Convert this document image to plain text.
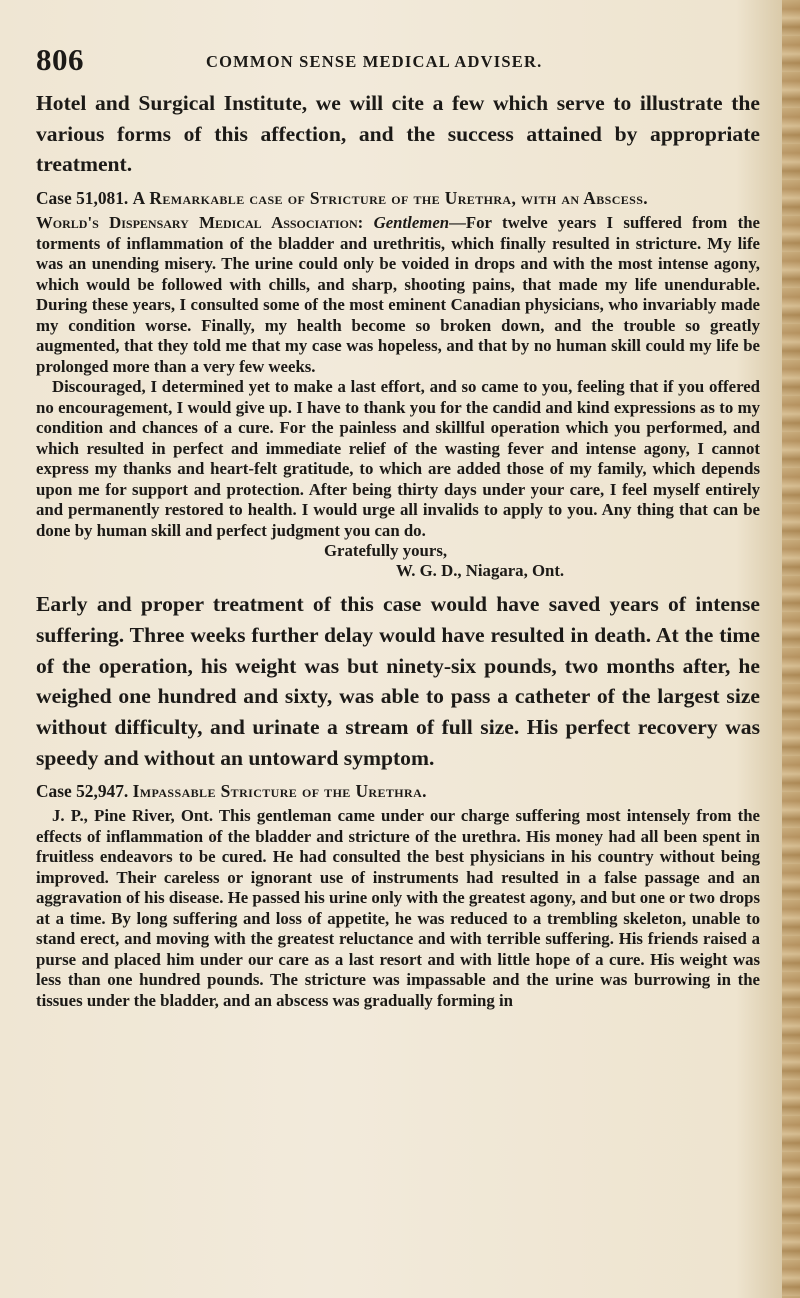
806	COMMON SENSE MEDICAL ADVISER.

Hotel and Surgical Institute, we will cite a few which serve to illustrate the various forms of this affection, and the success attained by appropriate treatment.

Case 51,081. A Remarkable case of Stricture of the Urethra, with an Abscess.

World's Dispensary Medical Association: Gentlemen—For twelve years I suffered from the torments of inflammation of the bladder and urethritis, which finally resulted in stricture. My life was an unending misery. The urine could only be voided in drops and with the most intense agony, which would be followed with chills, and sharp, shooting pains, that made my life unendurable. During these years, I consulted some of the most eminent Canadian physicians, who invariably made my condition worse. Finally, my health become so broken down, and the trouble so greatly augmented, that they told me that my case was hopeless, and that by no human skill could my life be prolonged more than a very few weeks.

Discouraged, I determined yet to make a last effort, and so came to you, feeling that if you offered no encouragement, I would give up. I have to thank you for the candid and kind expressions as to my condition and chances of a cure. For the painless and skillful operation which you performed, and which resulted in perfect and immediate relief of the wasting fever and intense agony, I cannot express my thanks and heart-felt gratitude, to which are added those of my family, which depends upon me for support and protection. After being thirty days under your care, I feel myself entirely and permanently restored to health. I would urge all invalids to apply to you. Any thing that can be done by human skill and perfect judgment you can do.

Gratefully yours,

W. G. D., Niagara, Ont.

Early and proper treatment of this case would have saved years of intense suffering. Three weeks further delay would have resulted in death. At the time of the operation, his weight was but ninety-six pounds, two months after, he weighed one hundred and sixty, was able to pass a catheter of the largest size without difficulty, and urinate a stream of full size. His perfect recovery was speedy and without an untoward symptom.

Case 52,947. Impassable Stricture of the Urethra.

J. P., Pine River, Ont. This gentleman came under our charge suffering most intensely from the effects of inflammation of the bladder and stricture of the urethra. His money had all been spent in fruitless endeavors to be cured. He had consulted the best physicians in his country without being improved. Their careless or ignorant use of instruments had resulted in a false passage and an aggravation of his disease. He passed his urine only with the greatest agony, and but one or two drops at a time. By long suffering and loss of appetite, he was reduced to a trembling skeleton, unable to stand erect, and moving with the greatest reluctance and with terrible suffering. His friends raised a purse and placed him under our care as a last resort and with little hope of a cure. His weight was less than one hundred pounds. The stricture was impassable and the urine was burrowing in the tissues under the bladder, and an abscess was gradually forming in
